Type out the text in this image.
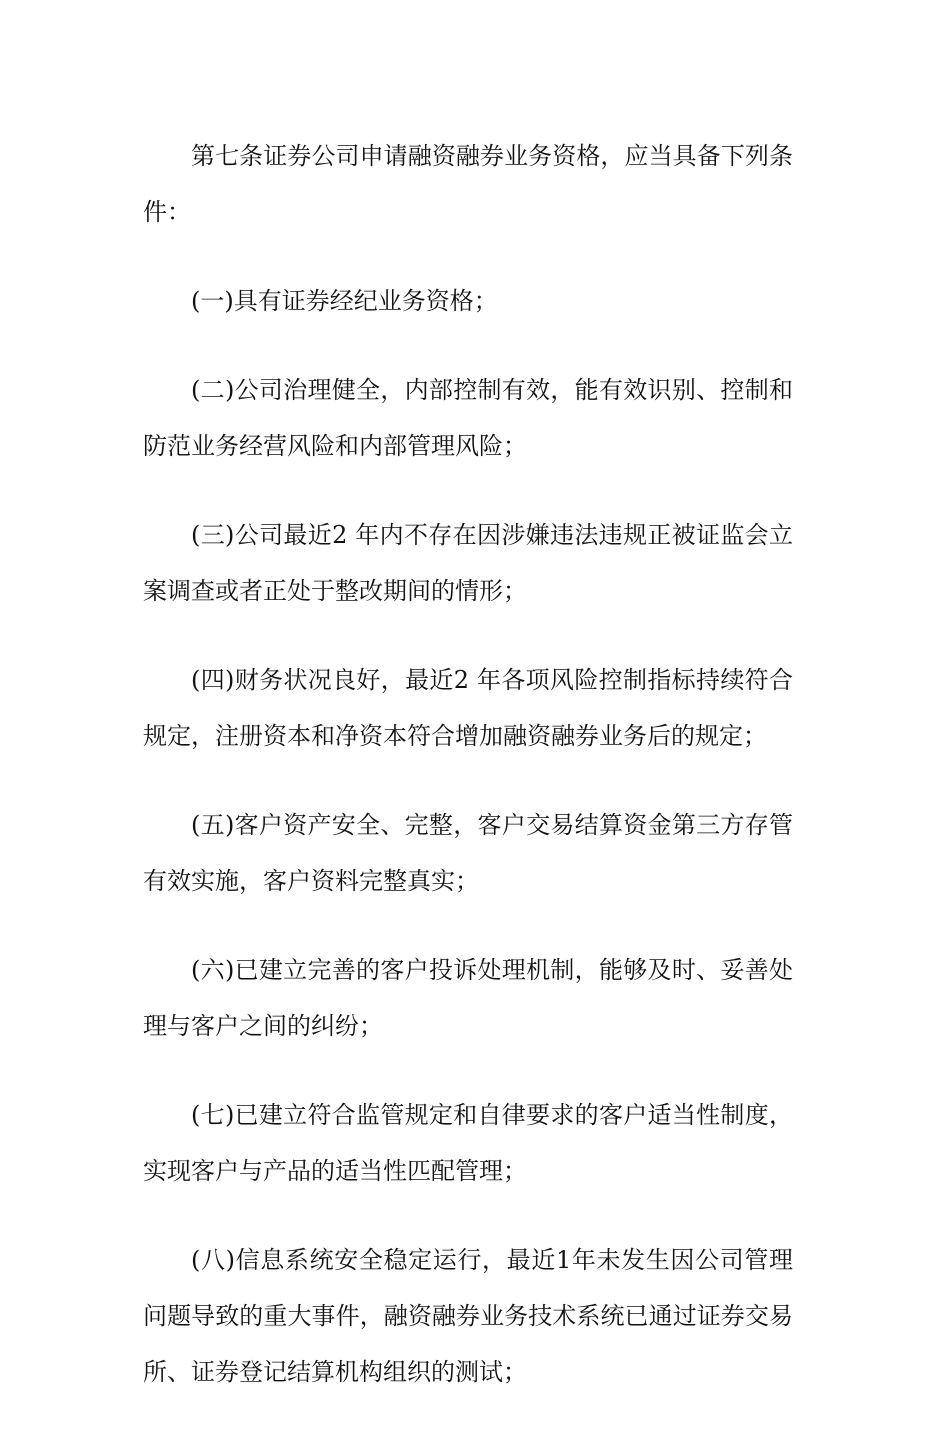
第七条证券公司申请融资融券业务资格，应当具备下列条件：

(一)具有证券经纪业务资格；

(二)公司治理健全，内部控制有效，能有效识别、控制和防范业务经营风险和内部管理风险；

(三)公司最近2 年内不存在因涉嫌违法违规正被证监会立案调查或者正处于整改期间的情形；

(四)财务状况良好，最近2 年各项风险控制指标持续符合规定，注册资本和净资本符合增加融资融券业务后的规定；

(五)客户资产安全、完整，客户交易结算资金第三方存管有效实施，客户资料完整真实；

(六)已建立完善的客户投诉处理机制，能够及时、妥善处理与客户之间的纠纷；

(七)已建立符合监管规定和自律要求的客户适当性制度，实现客户与产品的适当性匹配管理；

(八)信息系统安全稳定运行，最近1年未发生因公司管理问题导致的重大事件，融资融券业务技术系统已通过证券交易所、证券登记结算机构组织的测试；
